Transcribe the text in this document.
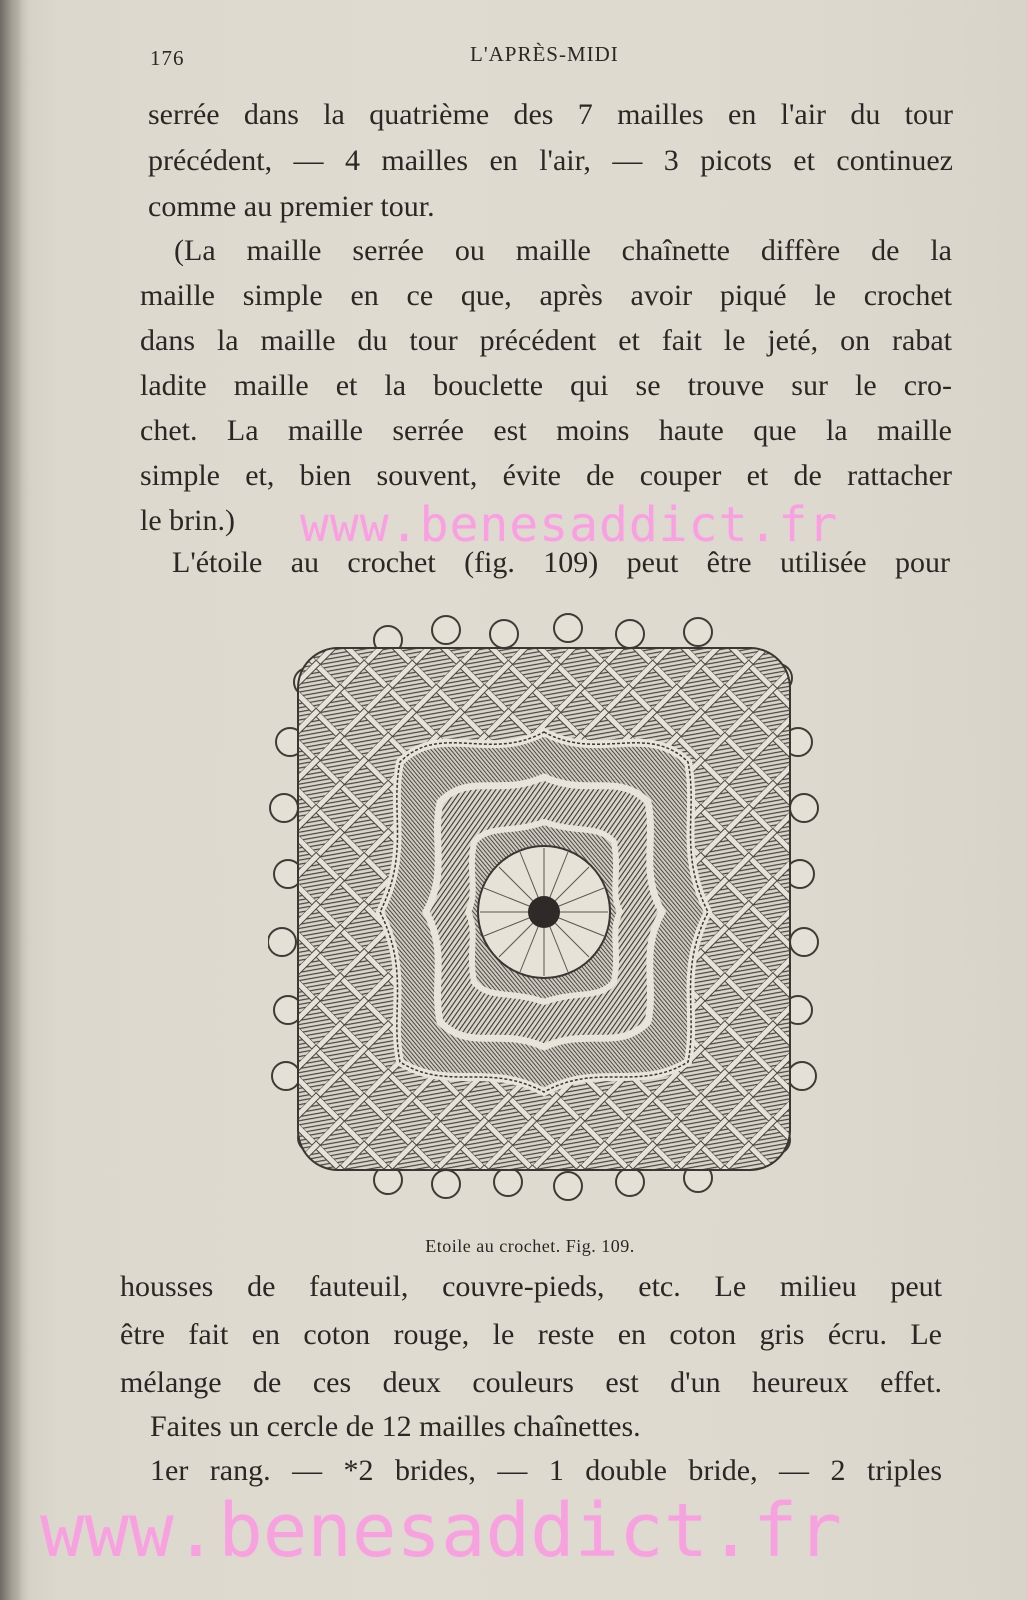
176	L'APRÈS-MIDI
serrée dans la quatrième des 7 mailles en l'air du tour
précédent, — 4 mailles en l'air, — 3 picots et continuez
comme au premier tour.
(La maille serrée ou maille chaînette diffère de la
maille simple en ce que, après avoir piqué le crochet
dans la maille du tour précédent et fait le jeté, on rabat
ladite maille et la bouclette qui se trouve sur le cro-
chet. La maille serrée est moins haute que la maille
simple et, bien souvent, évite de couper et de rattacher
le brin.)
L'étoile au crochet (fig. 109) peut être utilisée pour
Etoile au crochet. Fig. 109.
housses de fauteuil, couvre-pieds, etc. Le milieu peut
être fait en coton rouge, le reste en coton gris écru. Le
mélange de ces deux couleurs est d'un heureux effet.
Faites un cercle de 12 mailles chaînettes.
1er rang. — *2 brides, — 1 double bride, — 2 triples
www.benesaddict.fr
www.benesaddict.fr
